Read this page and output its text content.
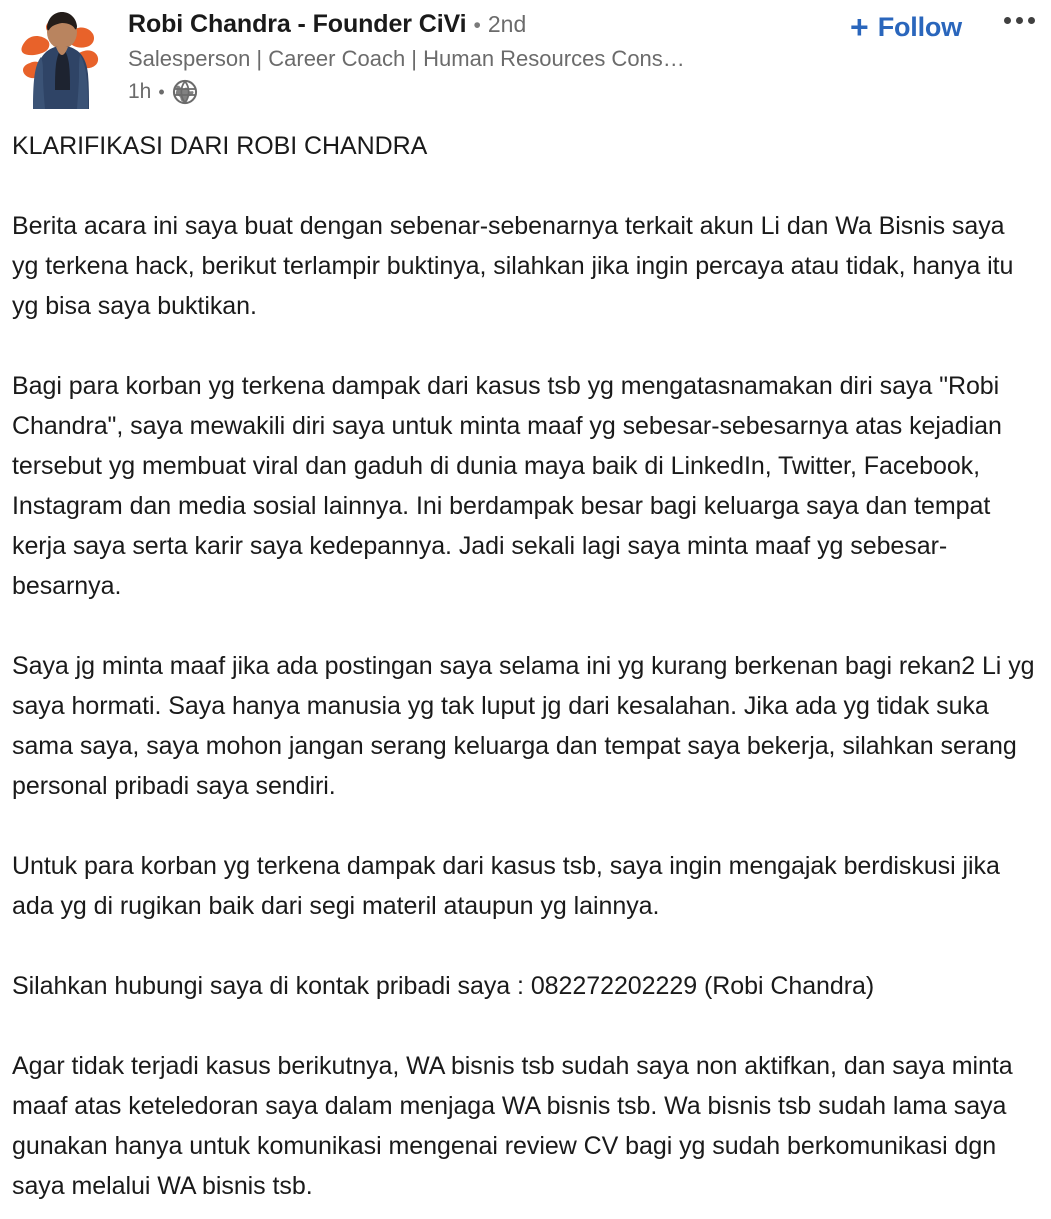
Robi Chandra - Founder CiVi • 2nd
Salesperson | Career Coach | Human Resources Cons…
1h •
+ Follow

KLARIFIKASI DARI ROBI CHANDRA

Berita acara ini saya buat dengan sebenar-sebenarnya terkait akun Li dan Wa Bisnis saya yg terkena hack, berikut terlampir buktinya, silahkan jika ingin percaya atau tidak, hanya itu yg bisa saya buktikan.

Bagi para korban yg terkena dampak dari kasus tsb yg mengatasnamakan diri saya "Robi Chandra", saya mewakili diri saya untuk minta maaf yg sebesar-sebesarnya atas kejadian tersebut yg membuat viral dan gaduh di dunia maya baik di LinkedIn, Twitter, Facebook, Instagram dan media sosial lainnya. Ini berdampak besar bagi keluarga saya dan tempat kerja saya serta karir saya kedepannya. Jadi sekali lagi saya minta maaf yg sebesar-besarnya.

Saya jg minta maaf jika ada postingan saya selama ini yg kurang berkenan bagi rekan2 Li yg saya hormati. Saya hanya manusia yg tak luput jg dari kesalahan. Jika ada yg tidak suka sama saya, saya mohon jangan serang keluarga dan tempat saya bekerja, silahkan serang personal pribadi saya sendiri.

Untuk para korban yg terkena dampak dari kasus tsb, saya ingin mengajak berdiskusi jika ada yg di rugikan baik dari segi materil ataupun yg lainnya.

Silahkan hubungi saya di kontak pribadi saya : 082272202229 (Robi Chandra)

Agar tidak terjadi kasus berikutnya, WA bisnis tsb sudah saya non aktifkan, dan saya minta maaf atas keteledoran saya dalam menjaga WA bisnis tsb. Wa bisnis tsb sudah lama saya gunakan hanya untuk komunikasi mengenai review CV bagi yg sudah berkomunikasi dgn saya melalui WA bisnis tsb.
